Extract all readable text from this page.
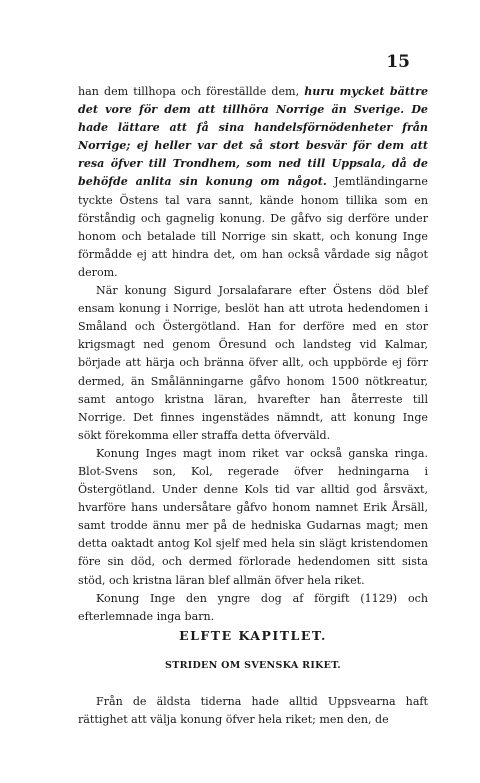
15

han dem tillhopa och föreställde dem, huru mycket bättre det vore för dem att tillhöra Norrige än Sverige. De hade lättare att få sina handelsförnödenheter från Norrige; ej heller var det så stort besvär för dem att resa öfver till Trondhem, som ned till Uppsala, då de behöfde anlita sin konung om något. Jemtländingarne tyckte Östens tal vara sannt, kände honom tillika som en förståndig och gagnelig konung. De gåfvo sig derföre under honom och betalade till Norrige sin skatt, och konung Inge förmådde ej att hindra det, om han också vårdade sig något derom.

När konung Sigurd Jorsalafarare efter Östens död blef ensam konung i Norrige, beslöt han att utrota hedendomen i Småland och Östergötland. Han for derföre med en stor krigsmagt ned genom Öresund och landsteg vid Kalmar, började att härja och bränna öfver allt, och uppbörde ej förr dermed, än Smålänningarne gåfvo honom 1500 nötkreatur, samt antogo kristna läran, hvarefter han återreste till Norrige. Det finnes ingenstädes nämndt, att konung Inge sökt förekomma eller straffa detta öfverväld.

Konung Inges magt inom riket var också ganska ringa. Blot-Svens son, Kol, regerade öfver hedningarna i Östergötland. Under denne Kols tid var alltid god årsväxt, hvarföre hans undersåtare gåfvo honom namnet Erik Årsäll, samt trodde ännu mer på de hedniska Gudarnas magt; men detta oaktadt antog Kol sjelf med hela sin slägt kristendomen före sin död, och dermed förlorade hedendomen sitt sista stöd, och kristna läran blef allmän öfver hela riket.

Konung Inge den yngre dog af förgift (1129) och efterlemnade inga barn.

ELFTE KAPITLET.
STRIDEN OM SVENSKA RIKET.

Från de äldsta tiderna hade alltid Uppsvearna haft rättighet att välja konung öfver hela riket; men den, de
